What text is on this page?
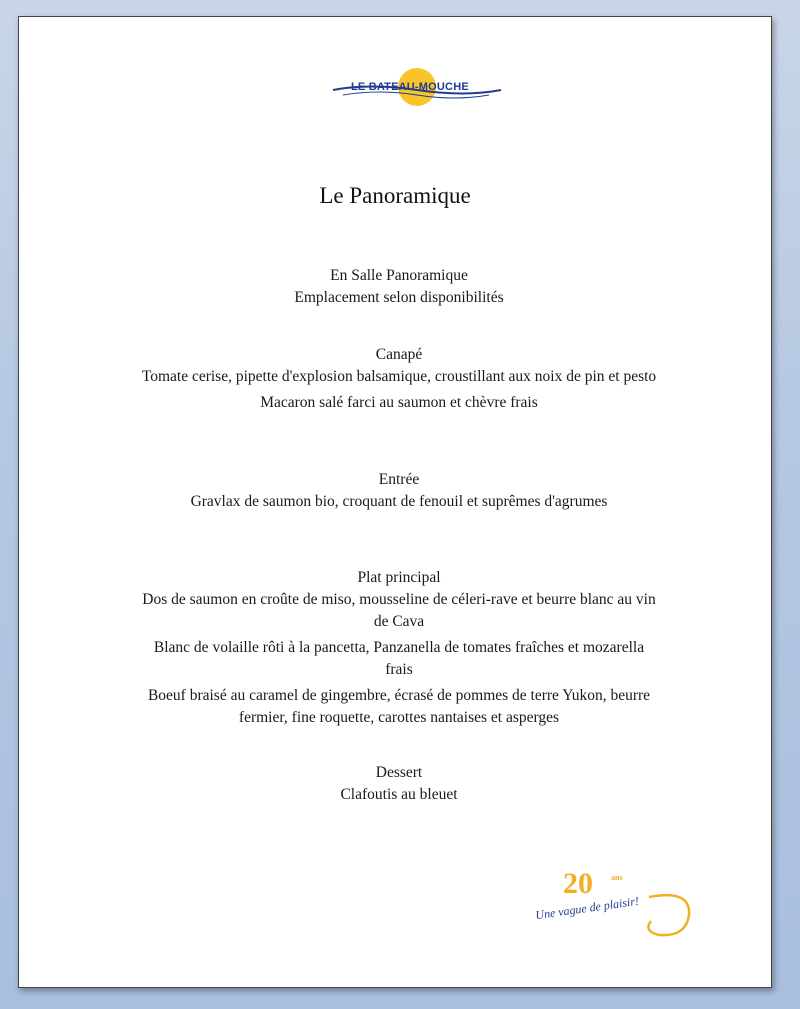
LE BATEAU-MOUCHE
Le Panoramique

En Salle Panoramique

Emplacement selon disponibilités

Canapé

Tomate cerise, pipette d'explosion balsamique, croustillant aux noix de pin et pesto

Macaron salé farci au saumon et chèvre frais

Entrée

Gravlax de saumon bio, croquant de fenouil et suprêmes d'agrumes

Plat principal

Dos de saumon en croûte de miso, mousseline de céleri-rave et beurre blanc au vin de Cava

Blanc de volaille rôti à la pancetta, Panzanella de tomates fraîches et mozarella frais

Boeuf braisé au caramel de gingembre, écrasé de pommes de terre Yukon, beurre fermier, fine roquette, carottes nantaises et asperges

Dessert

Clafoutis au bleuet

20 ans
Une vague de plaisir!
